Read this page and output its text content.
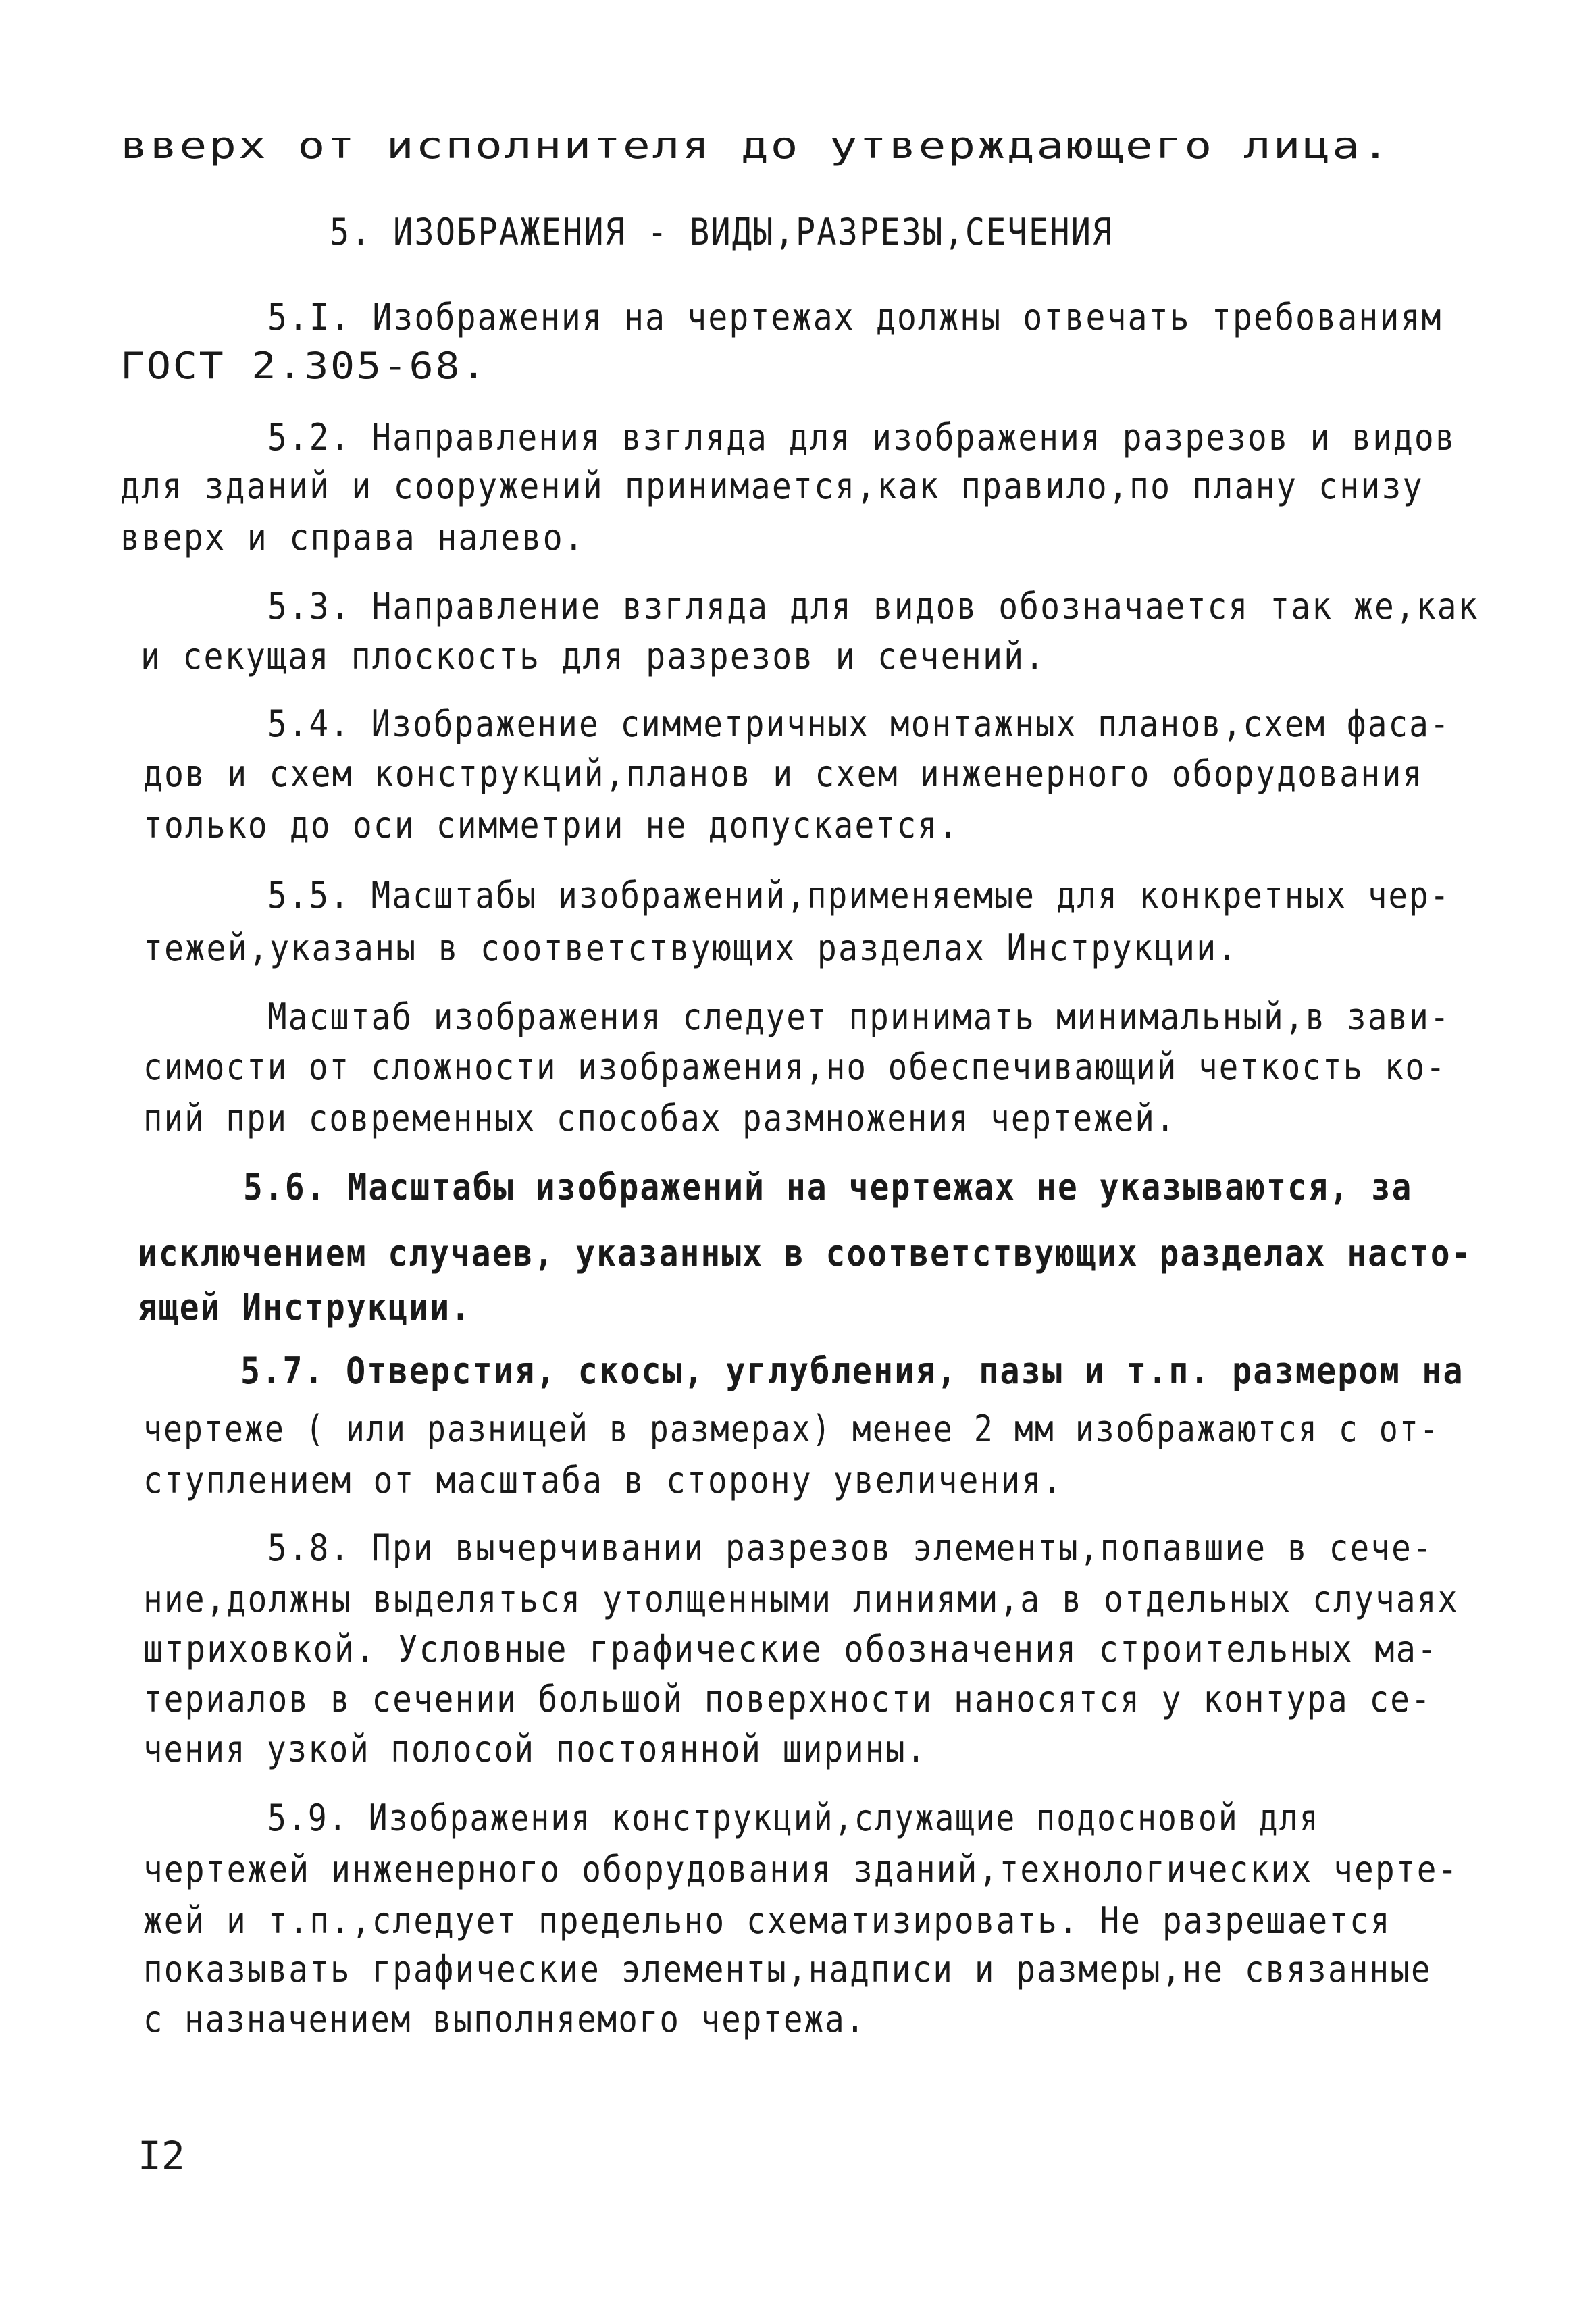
вверх от исполнителя до утверждающего лица.
5. ИЗОБРАЖЕНИЯ - ВИДЫ,РАЗРЕЗЫ,СЕЧЕНИЯ
5.I. Изображения на чертежах должны отвечать требованиям
ГОСТ 2.305-68.
5.2. Направления взгляда для изображения разрезов и видов
для зданий и сооружений принимается,как правило,по плану снизу
вверх и справа налево.
5.3. Направление взгляда для видов обозначается так же,как
и секущая плоскость для разрезов и сечений.
5.4. Изображение симметричных монтажных планов,схем фаса-
дов и схем конструкций,планов и схем инженерного оборудования
только до оси симметрии не допускается.
5.5. Масштабы изображений,применяемые для конкретных чер-
тежей,указаны в соответствующих разделах Инструкции.
Масштаб изображения следует принимать минимальный,в зави-
симости от сложности изображения,но обеспечивающий четкость ко-
пий при современных способах размножения чертежей.
5.6. Масштабы изображений на чертежах не указываются, за
исключением случаев, указанных в соответствующих разделах насто-
ящей Инструкции.
5.7. Отверстия, скосы, углубления, пазы и т.п. размером на
чертеже ( или разницей в размерах) менее 2 мм изображаются с от-
ступлением от масштаба в сторону увеличения.
5.8. При вычерчивании разрезов элементы,попавшие в сече-
ние,должны выделяться утолщенными линиями,а в отдельных случаях
штриховкой. Условные графические обозначения строительных ма-
териалов в сечении большой поверхности наносятся у контура се-
чения узкой полосой постоянной ширины.
5.9. Изображения конструкций,служащие подосновой для
чертежей инженерного оборудования зданий,технологических черте-
жей и т.п.,следует предельно схематизировать. Не разрешается
показывать графические элементы,надписи и размеры,не связанные
с назначением выполняемого чертежа.
I2
